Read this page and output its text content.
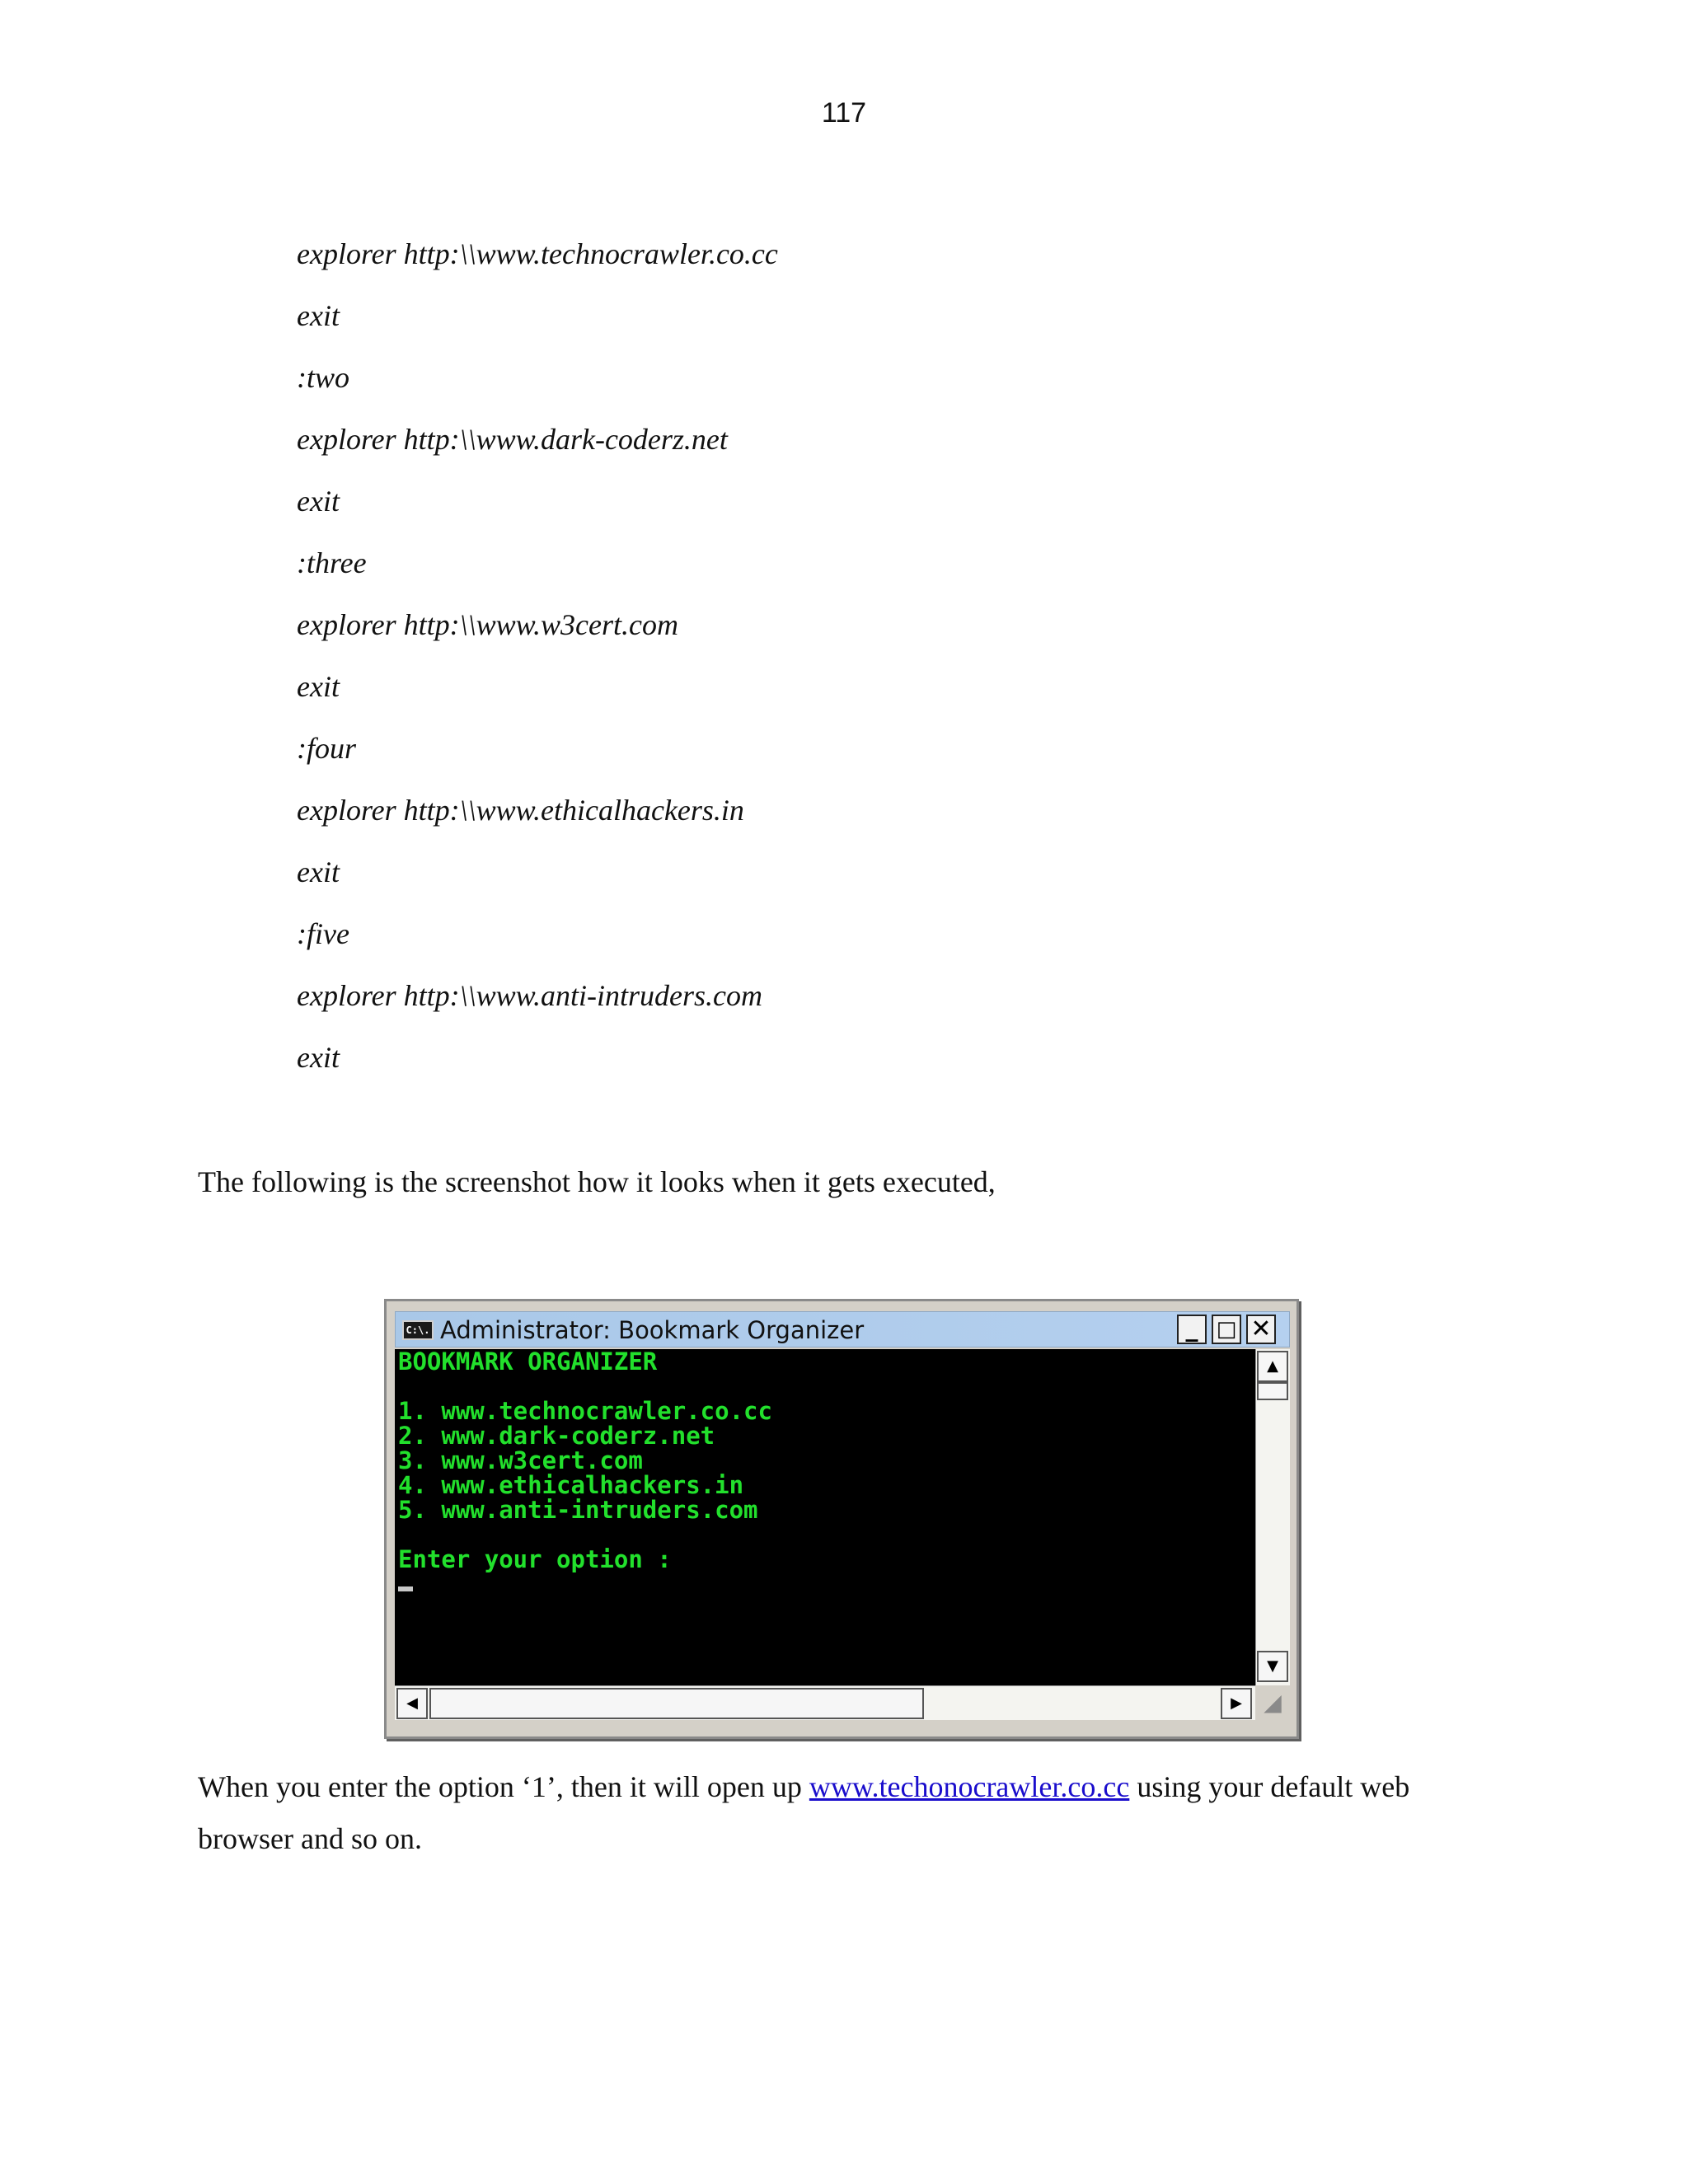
117
explorer http:\\www.technocrawler.co.cc
exit
:two
explorer http:\\www.dark-coderz.net
exit
:three
explorer http:\\www.w3cert.com
exit
:four
explorer http:\\www.ethicalhackers.in
exit
:five
explorer http:\\www.anti-intruders.com
exit
The following is the screenshot how it looks when it gets executed,
C:\. Administrator: Bookmark Organizer	_ □ ✕
BOOKMARK ORGANIZER
1. www.technocrawler.co.cc
2. www.dark-coderz.net
3. www.w3cert.com
4. www.ethicalhackers.in
5. www.anti-intruders.com
Enter your option :
▲
▼
◀	▶ ◢
When you enter the option ‘1’, then it will open up www.techonocrawler.co.cc using your default web
browser and so on.
